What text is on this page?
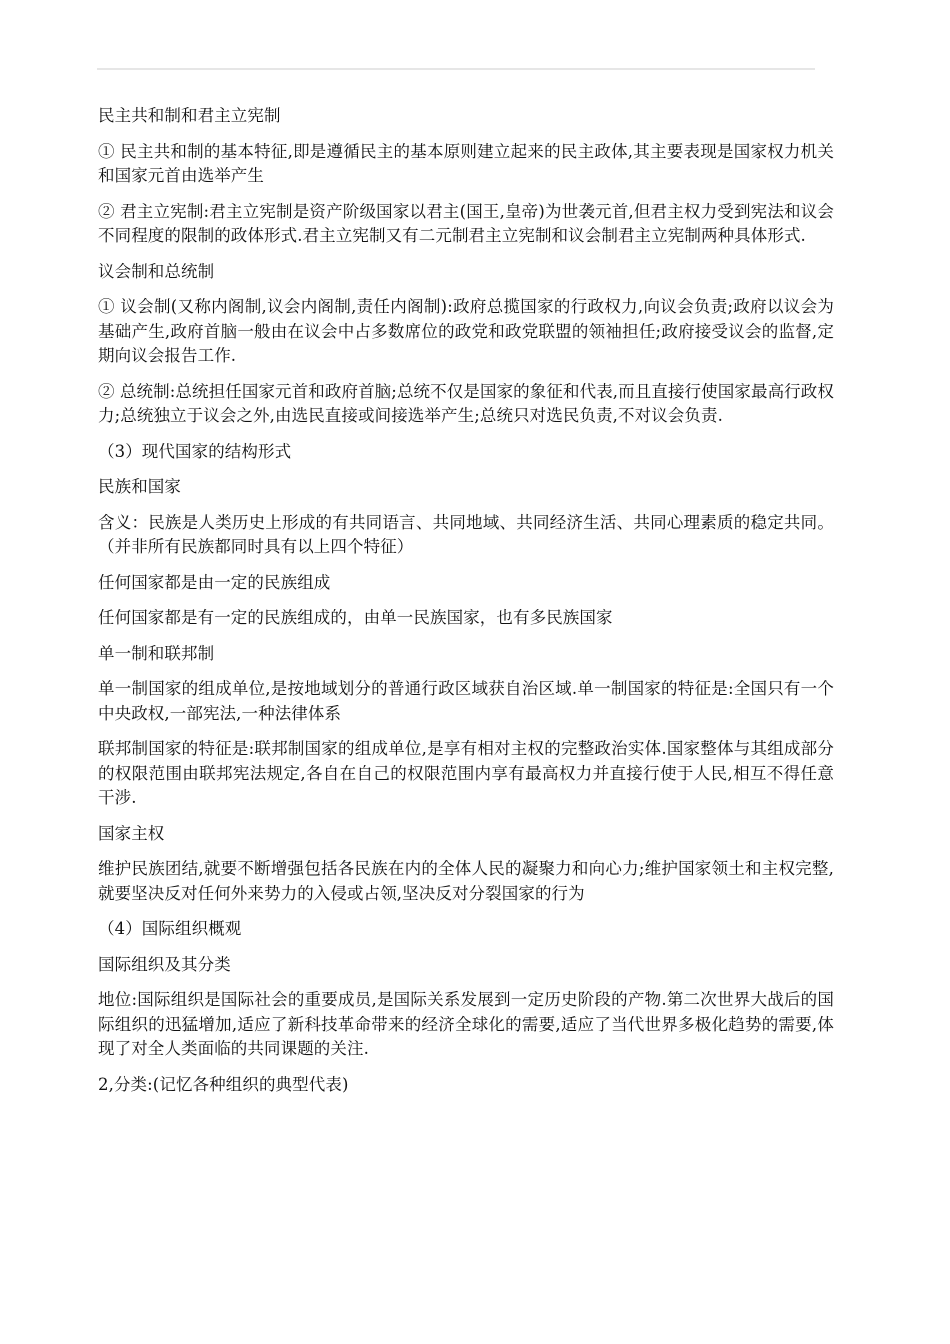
民主共和制和君主立宪制

① 民主共和制的基本特征,即是遵循民主的基本原则建立起来的民主政体,其主要表现是国家权力机关和国家元首由选举产生

② 君主立宪制:君主立宪制是资产阶级国家以君主(国王,皇帝)为世袭元首,但君主权力受到宪法和议会不同程度的限制的政体形式.君主立宪制又有二元制君主立宪制和议会制君主立宪制两种具体形式.

议会制和总统制

① 议会制(又称内阁制,议会内阁制,责任内阁制):政府总揽国家的行政权力,向议会负责;政府以议会为基础产生,政府首脑一般由在议会中占多数席位的政党和政党联盟的领袖担任;政府接受议会的监督,定期向议会报告工作.

② 总统制:总统担任国家元首和政府首脑;总统不仅是国家的象征和代表,而且直接行使国家最高行政权力;总统独立于议会之外,由选民直接或间接选举产生;总统只对选民负责,不对议会负责.

（3）现代国家的结构形式

民族和国家

含义：民族是人类历史上形成的有共同语言、共同地域、共同经济生活、共同心理素质的稳定共同。（并非所有民族都同时具有以上四个特征）

任何国家都是由一定的民族组成

任何国家都是有一定的民族组成的，由单一民族国家，也有多民族国家

单一制和联邦制

单一制国家的组成单位,是按地域划分的普通行政区域获自治区域.单一制国家的特征是:全国只有一个中央政权,一部宪法,一种法律体系

联邦制国家的特征是:联邦制国家的组成单位,是享有相对主权的完整政治实体.国家整体与其组成部分的权限范围由联邦宪法规定,各自在自己的权限范围内享有最高权力并直接行使于人民,相互不得任意干涉.

国家主权

维护民族团结,就要不断增强包括各民族在内的全体人民的凝聚力和向心力;维护国家领土和主权完整,就要坚决反对任何外来势力的入侵或占领,坚决反对分裂国家的行为

（4）国际组织概观

国际组织及其分类

地位:国际组织是国际社会的重要成员,是国际关系发展到一定历史阶段的产物.第二次世界大战后的国际组织的迅猛增加,适应了新科技革命带来的经济全球化的需要,适应了当代世界多极化趋势的需要,体现了对全人类面临的共同课题的关注.

2,分类:(记忆各种组织的典型代表)
